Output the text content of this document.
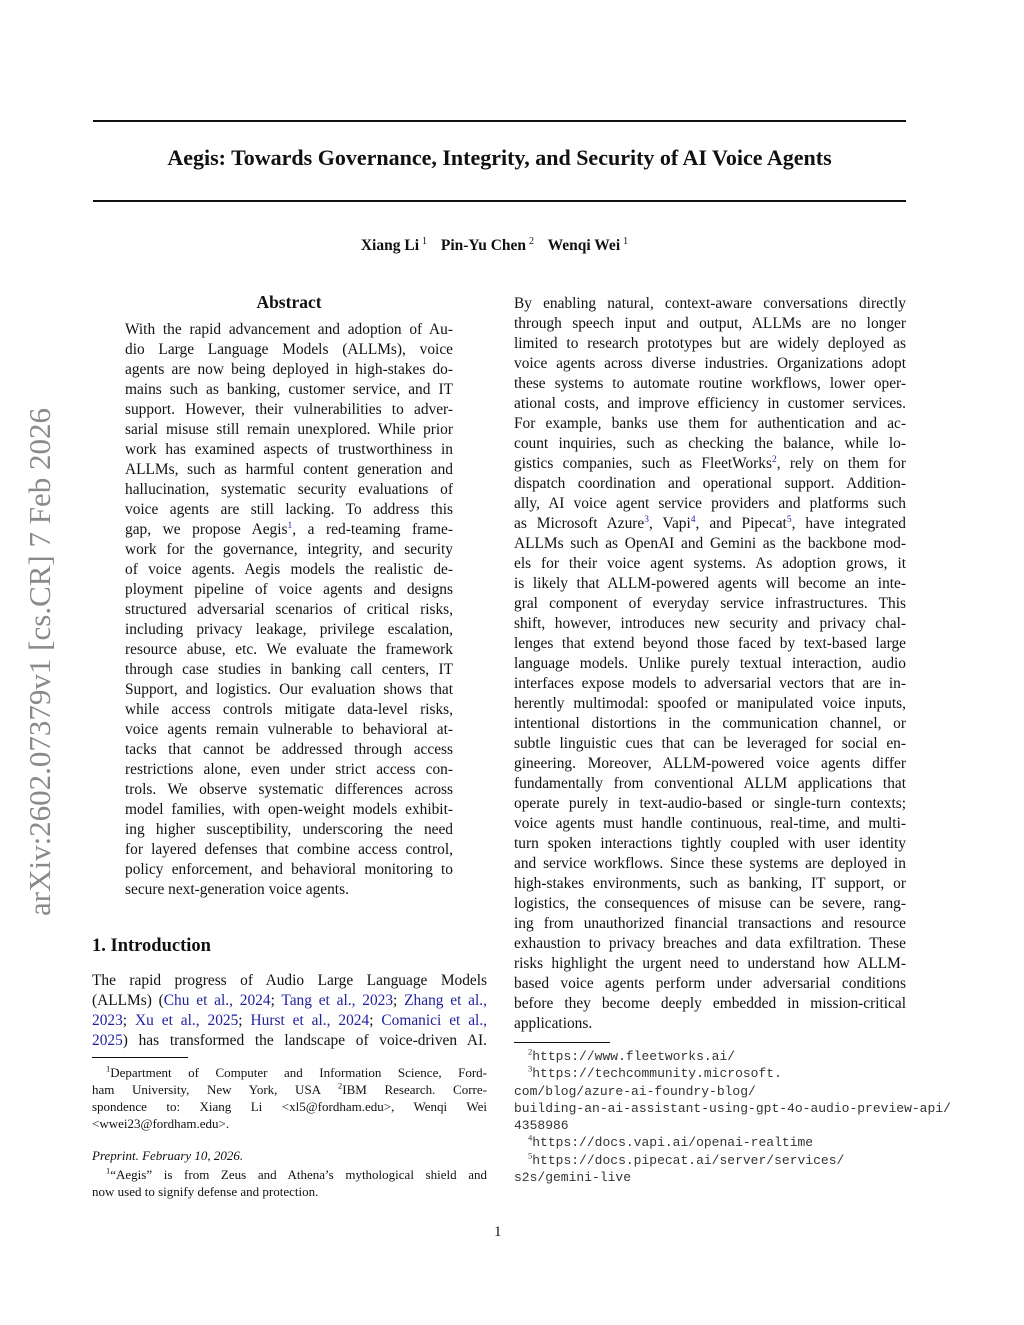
arXiv:2602.07379v1 [cs.CR] 7 Feb 2026
Aegis: Towards Governance, Integrity, and Security of AI Voice Agents
Xiang Li $^1$ Pin-Yu Chen $^2$ Wenqi Wei $^1$
Abstract
With the rapid advancement and adoption of Au-
dio Large Language Models (ALLMs), voice
agents are now being deployed in high-stakes do-
mains such as banking, customer service, and IT
support. However, their vulnerabilities to adver-
sarial misuse still remain unexplored. While prior
work has examined aspects of trustworthiness in
ALLMs, such as harmful content generation and
hallucination, systematic security evaluations of
voice agents are still lacking. To address this
gap, we propose Aegis$^1$, a red-teaming frame-
work for the governance, integrity, and security
of voice agents. Aegis models the realistic de-
ployment pipeline of voice agents and designs
structured adversarial scenarios of critical risks,
including privacy leakage, privilege escalation,
resource abuse, etc. We evaluate the framework
through case studies in banking call centers, IT
Support, and logistics. Our evaluation shows that
while access controls mitigate data-level risks,
voice agents remain vulnerable to behavioral at-
tacks that cannot be addressed through access
restrictions alone, even under strict access con-
trols. We observe systematic differences across
model families, with open-weight models exhibit-
ing higher susceptibility, underscoring the need
for layered defenses that combine access control,
policy enforcement, and behavioral monitoring to
secure next-generation voice agents.
1. Introduction
The rapid progress of Audio Large Language Models
(ALLMs) (Chu et al., 2024; Tang et al., 2023; Zhang et al.,
2023; Xu et al., 2025; Hurst et al., 2024; Comanici et al.,
2025) has transformed the landscape of voice-driven AI.
By enabling natural, context-aware conversations directly
through speech input and output, ALLMs are no longer
limited to research prototypes but are widely deployed as
voice agents across diverse industries. Organizations adopt
these systems to automate routine workflows, lower oper-
ational costs, and improve efficiency in customer services.
For example, banks use them for authentication and ac-
count inquiries, such as checking the balance, while lo-
gistics companies, such as FleetWorks$^2$, rely on them for
dispatch coordination and operational support. Addition-
ally, AI voice agent service providers and platforms such
as Microsoft Azure$^3$, Vapi$^4$, and Pipecat$^5$, have integrated
ALLMs such as OpenAI and Gemini as the backbone mod-
els for their voice agent systems. As adoption grows, it
is likely that ALLM-powered agents will become an inte-
gral component of everyday service infrastructures. This
shift, however, introduces new security and privacy chal-
lenges that extend beyond those faced by text-based large
language models. Unlike purely textual interaction, audio
interfaces expose models to adversarial vectors that are in-
herently multimodal: spoofed or manipulated voice inputs,
intentional distortions in the communication channel, or
subtle linguistic cues that can be leveraged for social en-
gineering. Moreover, ALLM-powered voice agents differ
fundamentally from conventional ALLM applications that
operate purely in text-audio-based or single-turn contexts;
voice agents must handle continuous, real-time, and multi-
turn spoken interactions tightly coupled with user identity
and service workflows. Since these systems are deployed in
high-stakes environments, such as banking, IT support, or
logistics, the consequences of misuse can be severe, rang-
ing from unauthorized financial transactions and resource
exhaustion to privacy breaches and data exfiltration. These
risks highlight the urgent need to understand how ALLM-
based voice agents perform under adversarial conditions
before they become deeply embedded in mission-critical
applications.
$^1$Department of Computer and Information Science, Ford-
ham University, New York, USA $^2$IBM Research. Corre-
spondence to: Xiang Li <xl5@fordham.edu>, Wenqi Wei
<wwei23@fordham.edu>.
Preprint. February 10, 2026.
$^1$“Aegis” is from Zeus and Athena’s mythological shield and
now used to signify defense and protection.
$^2$https://www.fleetworks.ai/
$^3$https://techcommunity.microsoft.
com/blog/azure-ai-foundry-blog/
building-an-ai-assistant-using-gpt-4o-audio-preview-api/
4358986
$^4$https://docs.vapi.ai/openai-realtime
$^5$https://docs.pipecat.ai/server/services/
s2s/gemini-live
1
